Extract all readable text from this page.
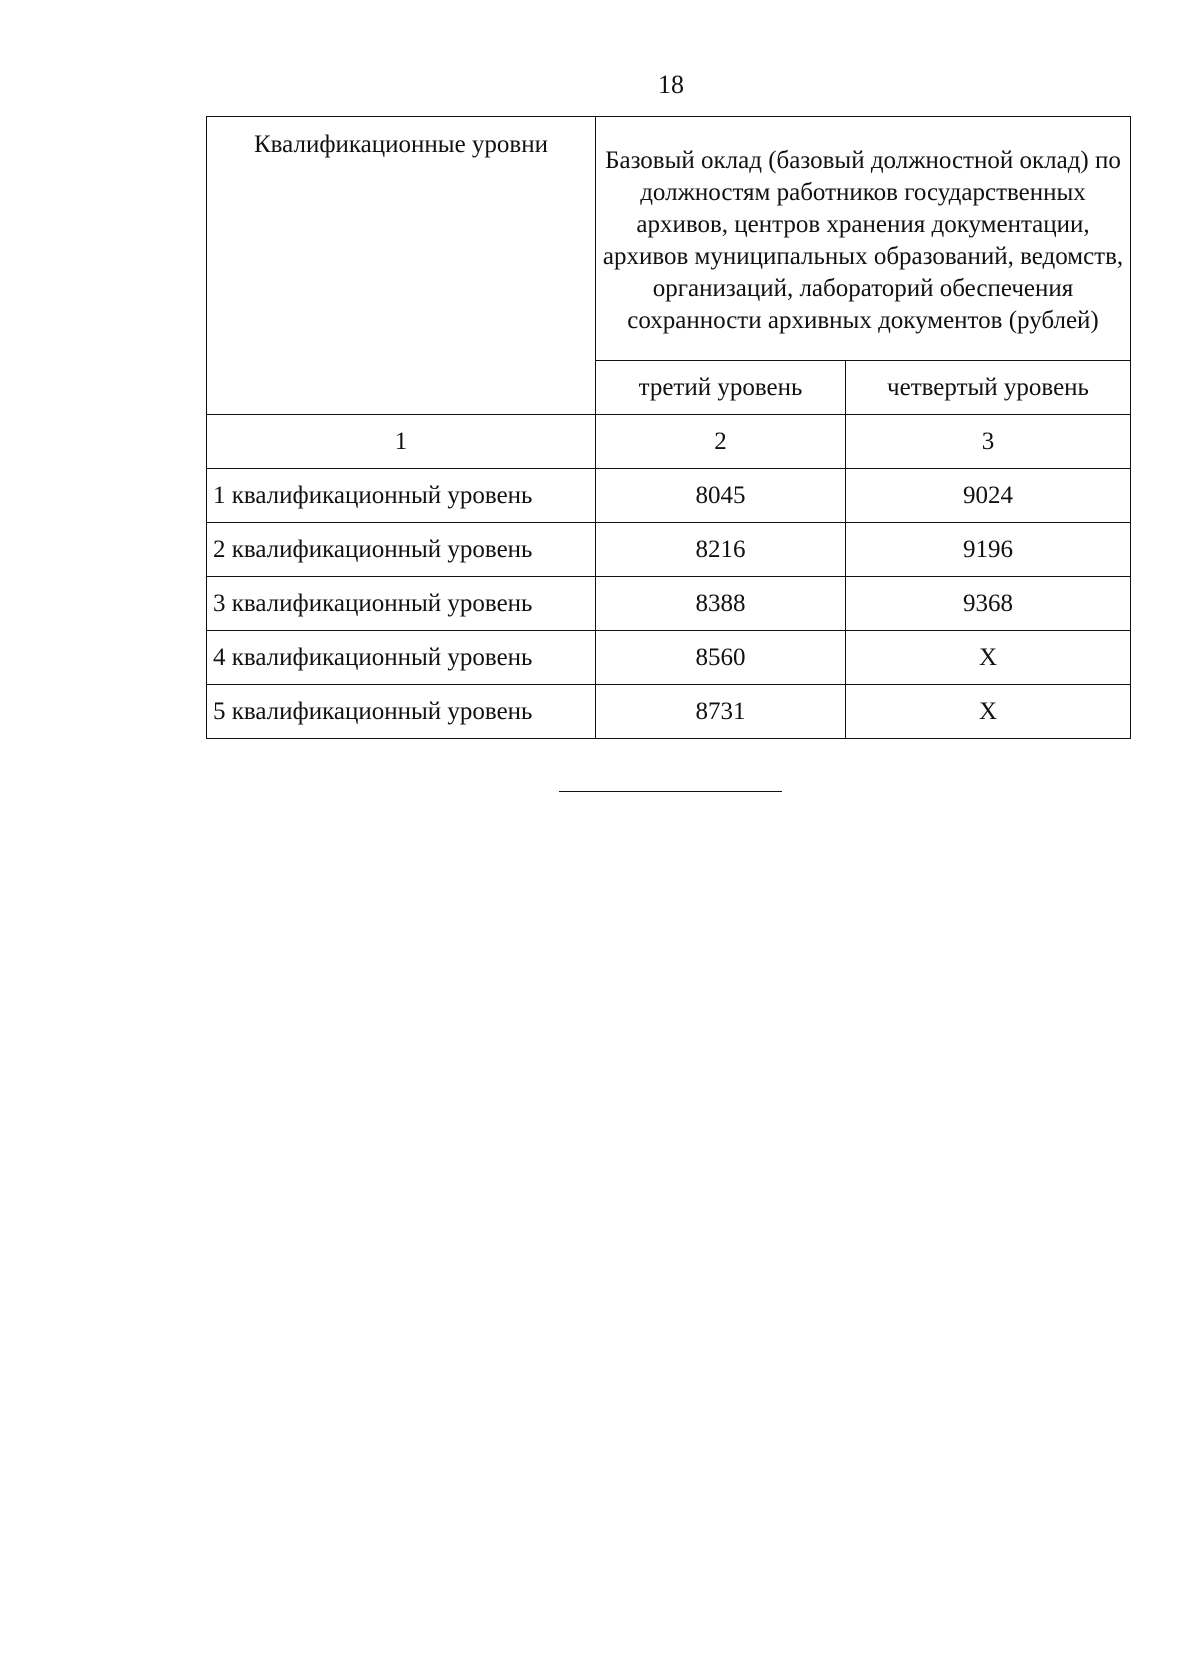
18
Квалификационные уровни	Базовый оклад (базовый должностной оклад) по должностям работников государственных архивов, центров хранения документации, архивов муниципальных образований, ведомств, организаций, лабораторий обеспечения сохранности архивных документов (рублей)	
	третий уровень	четвертый уровень
1	2	3
1 квалификационный уровень	8045	9024
2 квалификационный уровень	8216	9196
3 квалификационный уровень	8388	9368
4 квалификационный уровень	8560	X
5 квалификационный уровень	8731	X
